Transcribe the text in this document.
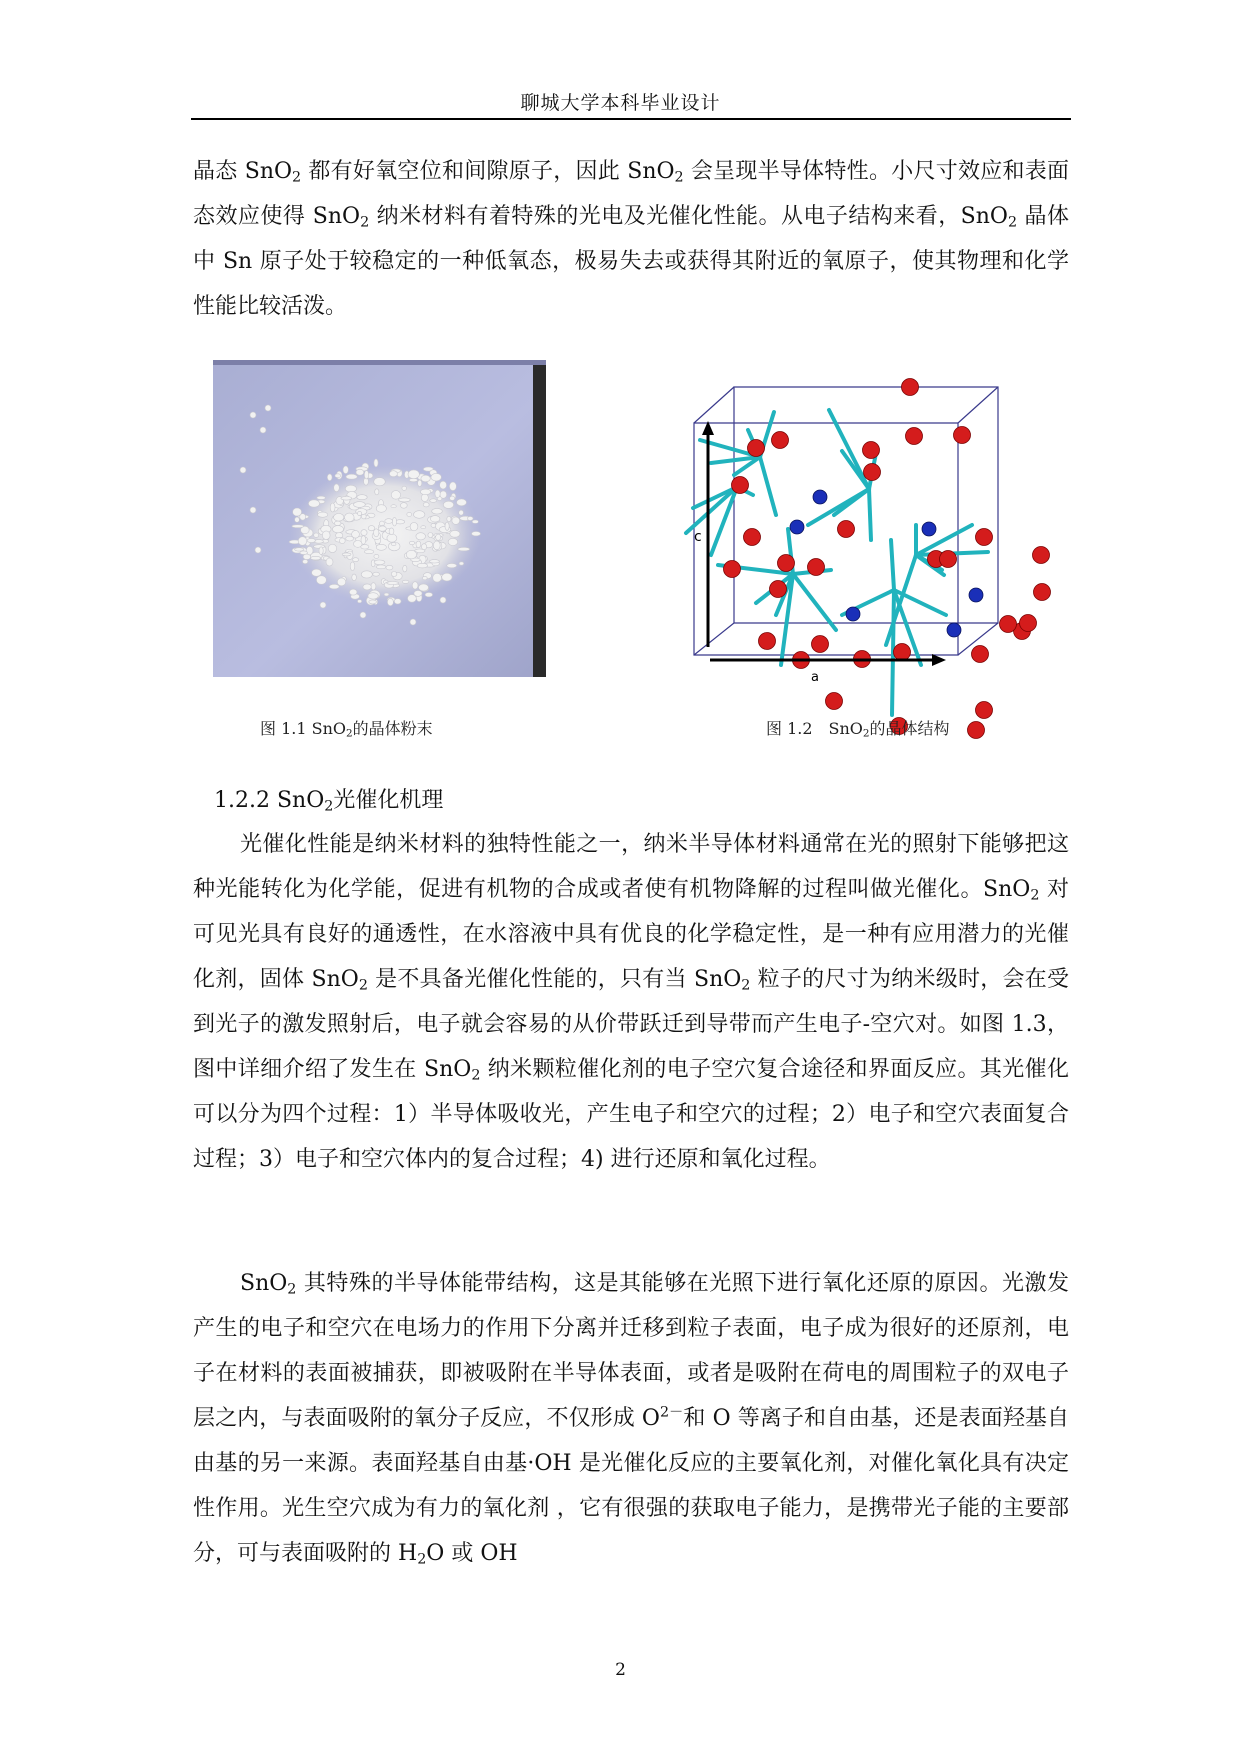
聊城大学本科毕业设计

晶态 SnO$_2$ 都有好氧空位和间隙原子，因此 SnO$_2$ 会呈现半导体特性。小尺寸效应和表面态效应使得 SnO$_2$ 纳米材料有着特殊的光电及光催化性能。从电子结构来看，SnO$_2$ 晶体中 Sn 原子处于较稳定的一种低氧态，极易失去或获得其附近的氧原子，使其物理和化学性能比较活泼。

图 1.1 SnO$_2$的晶体粉末
c
a
图 1.2　SnO$_2$的晶体结构
1.2.2 SnO$_2$光催化机理

光催化性能是纳米材料的独特性能之一，纳米半导体材料通常在光的照射下能够把这种光能转化为化学能，促进有机物的合成或者使有机物降解的过程叫做光催化。SnO$_2$ 对可见光具有良好的通透性，在水溶液中具有优良的化学稳定性，是一种有应用潜力的光催化剂，固体 SnO$_2$ 是不具备光催化性能的，只有当 SnO$_2$ 粒子的尺寸为纳米级时，会在受到光子的激发照射后，电子就会容易的从价带跃迁到导带而产生电子-空穴对。如图 1.3，图中详细介绍了发生在 SnO$_2$ 纳米颗粒催化剂的电子空穴复合途径和界面反应。其光催化可以分为四个过程：1）半导体吸收光，产生电子和空穴的过程；2）电子和空穴表面复合过程；3）电子和空穴体内的复合过程；4) 进行还原和氧化过程。

SnO$_2$ 其特殊的半导体能带结构，这是其能够在光照下进行氧化还原的原因。光激发产生的电子和空穴在电场力的作用下分离并迁移到粒子表面，电子成为很好的还原剂，电子在材料的表面被捕获，即被吸附在半导体表面，或者是吸附在荷电的周围粒子的双电子层之内，与表面吸附的氧分子反应，不仅形成 $O^{2-}$和 O 等离子和自由基，还是表面羟基自由基的另一来源。表面羟基自由基·OH 是光催化反应的主要氧化剂，对催化氧化具有决定性作用。光生空穴成为有力的氧化剂 ，它有很强的获取电子能力，是携带光子能的主要部分，可与表面吸附的 $H_2O$ 或 OH

2
